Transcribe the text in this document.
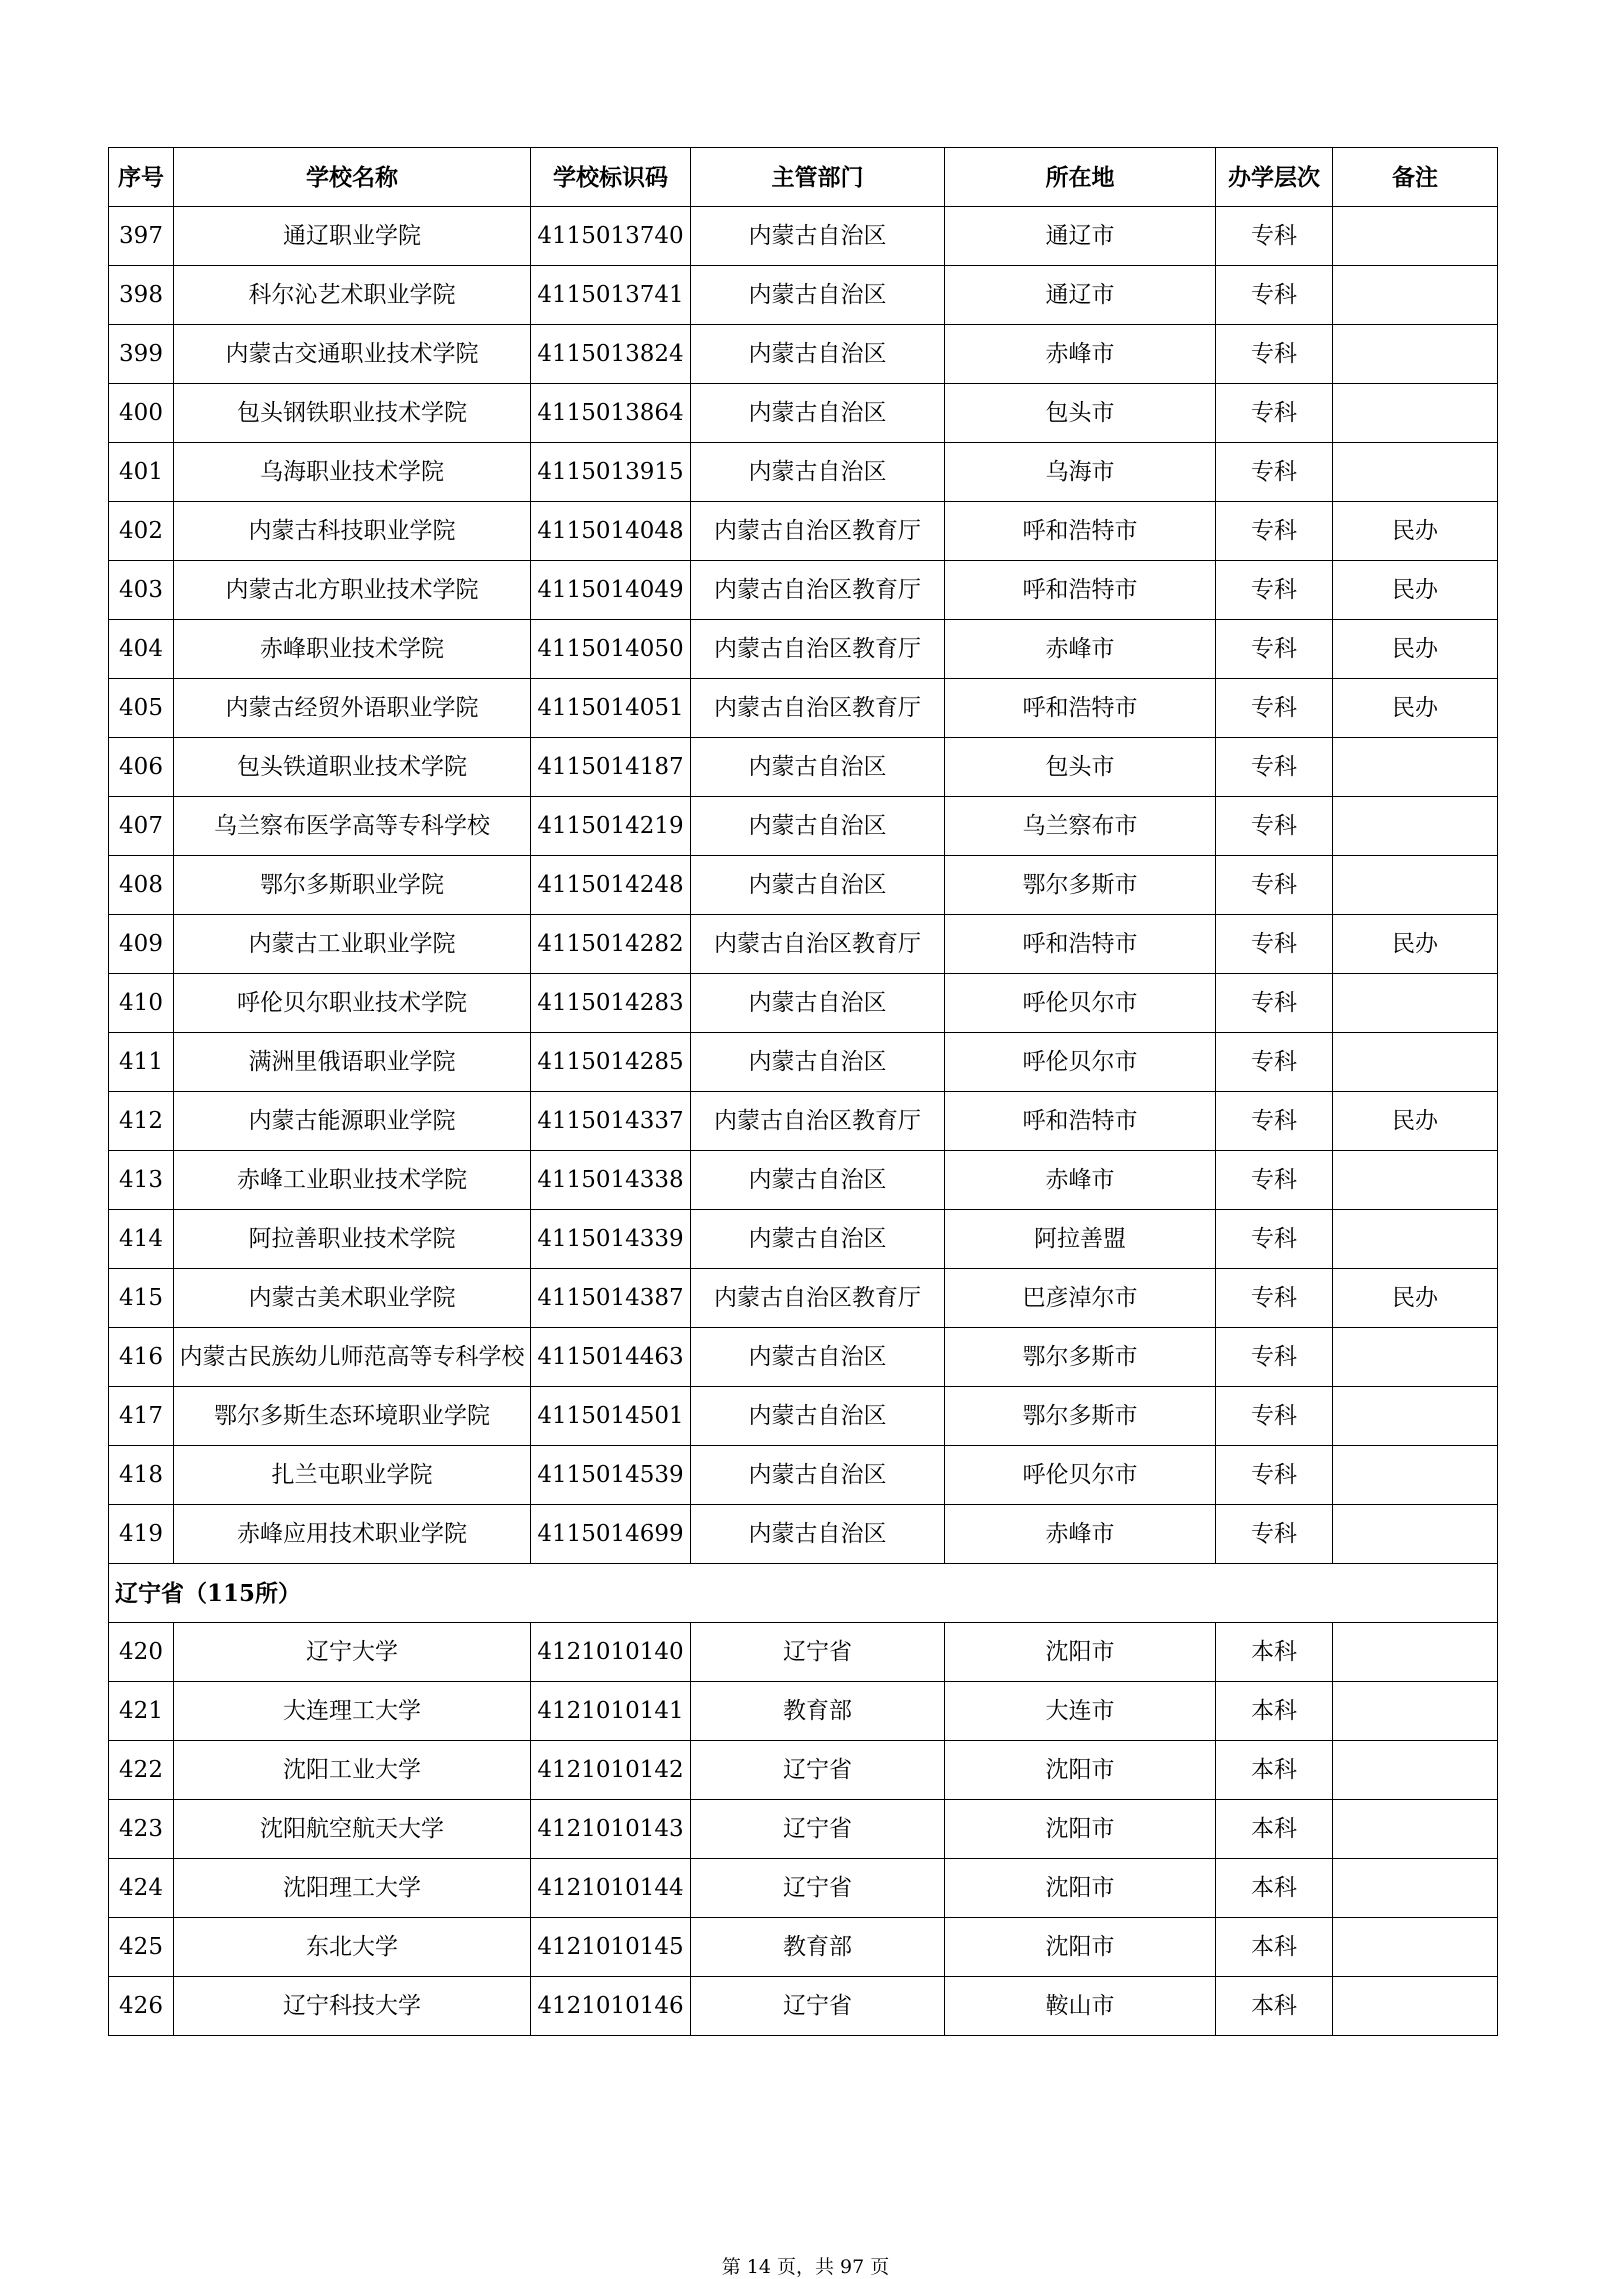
序号	学校名称	学校标识码	主管部门	所在地	办学层次	备注
397	通辽职业学院	4115013740	内蒙古自治区	通辽市	专科	
398	科尔沁艺术职业学院	4115013741	内蒙古自治区	通辽市	专科	
399	内蒙古交通职业技术学院	4115013824	内蒙古自治区	赤峰市	专科	
400	包头钢铁职业技术学院	4115013864	内蒙古自治区	包头市	专科	
401	乌海职业技术学院	4115013915	内蒙古自治区	乌海市	专科	
402	内蒙古科技职业学院	4115014048	内蒙古自治区教育厅	呼和浩特市	专科	民办
403	内蒙古北方职业技术学院	4115014049	内蒙古自治区教育厅	呼和浩特市	专科	民办
404	赤峰职业技术学院	4115014050	内蒙古自治区教育厅	赤峰市	专科	民办
405	内蒙古经贸外语职业学院	4115014051	内蒙古自治区教育厅	呼和浩特市	专科	民办
406	包头铁道职业技术学院	4115014187	内蒙古自治区	包头市	专科	
407	乌兰察布医学高等专科学校	4115014219	内蒙古自治区	乌兰察布市	专科	
408	鄂尔多斯职业学院	4115014248	内蒙古自治区	鄂尔多斯市	专科	
409	内蒙古工业职业学院	4115014282	内蒙古自治区教育厅	呼和浩特市	专科	民办
410	呼伦贝尔职业技术学院	4115014283	内蒙古自治区	呼伦贝尔市	专科	
411	满洲里俄语职业学院	4115014285	内蒙古自治区	呼伦贝尔市	专科	
412	内蒙古能源职业学院	4115014337	内蒙古自治区教育厅	呼和浩特市	专科	民办
413	赤峰工业职业技术学院	4115014338	内蒙古自治区	赤峰市	专科	
414	阿拉善职业技术学院	4115014339	内蒙古自治区	阿拉善盟	专科	
415	内蒙古美术职业学院	4115014387	内蒙古自治区教育厅	巴彦淖尔市	专科	民办
416	内蒙古民族幼儿师范高等专科学校	4115014463	内蒙古自治区	鄂尔多斯市	专科	
417	鄂尔多斯生态环境职业学院	4115014501	内蒙古自治区	鄂尔多斯市	专科	
418	扎兰屯职业学院	4115014539	内蒙古自治区	呼伦贝尔市	专科	
419	赤峰应用技术职业学院	4115014699	内蒙古自治区	赤峰市	专科	
辽宁省（115所）						
420	辽宁大学	4121010140	辽宁省	沈阳市	本科	
421	大连理工大学	4121010141	教育部	大连市	本科	
422	沈阳工业大学	4121010142	辽宁省	沈阳市	本科	
423	沈阳航空航天大学	4121010143	辽宁省	沈阳市	本科	
424	沈阳理工大学	4121010144	辽宁省	沈阳市	本科	
425	东北大学	4121010145	教育部	沈阳市	本科	
426	辽宁科技大学	4121010146	辽宁省	鞍山市	本科	
第 14 页，共 97 页
